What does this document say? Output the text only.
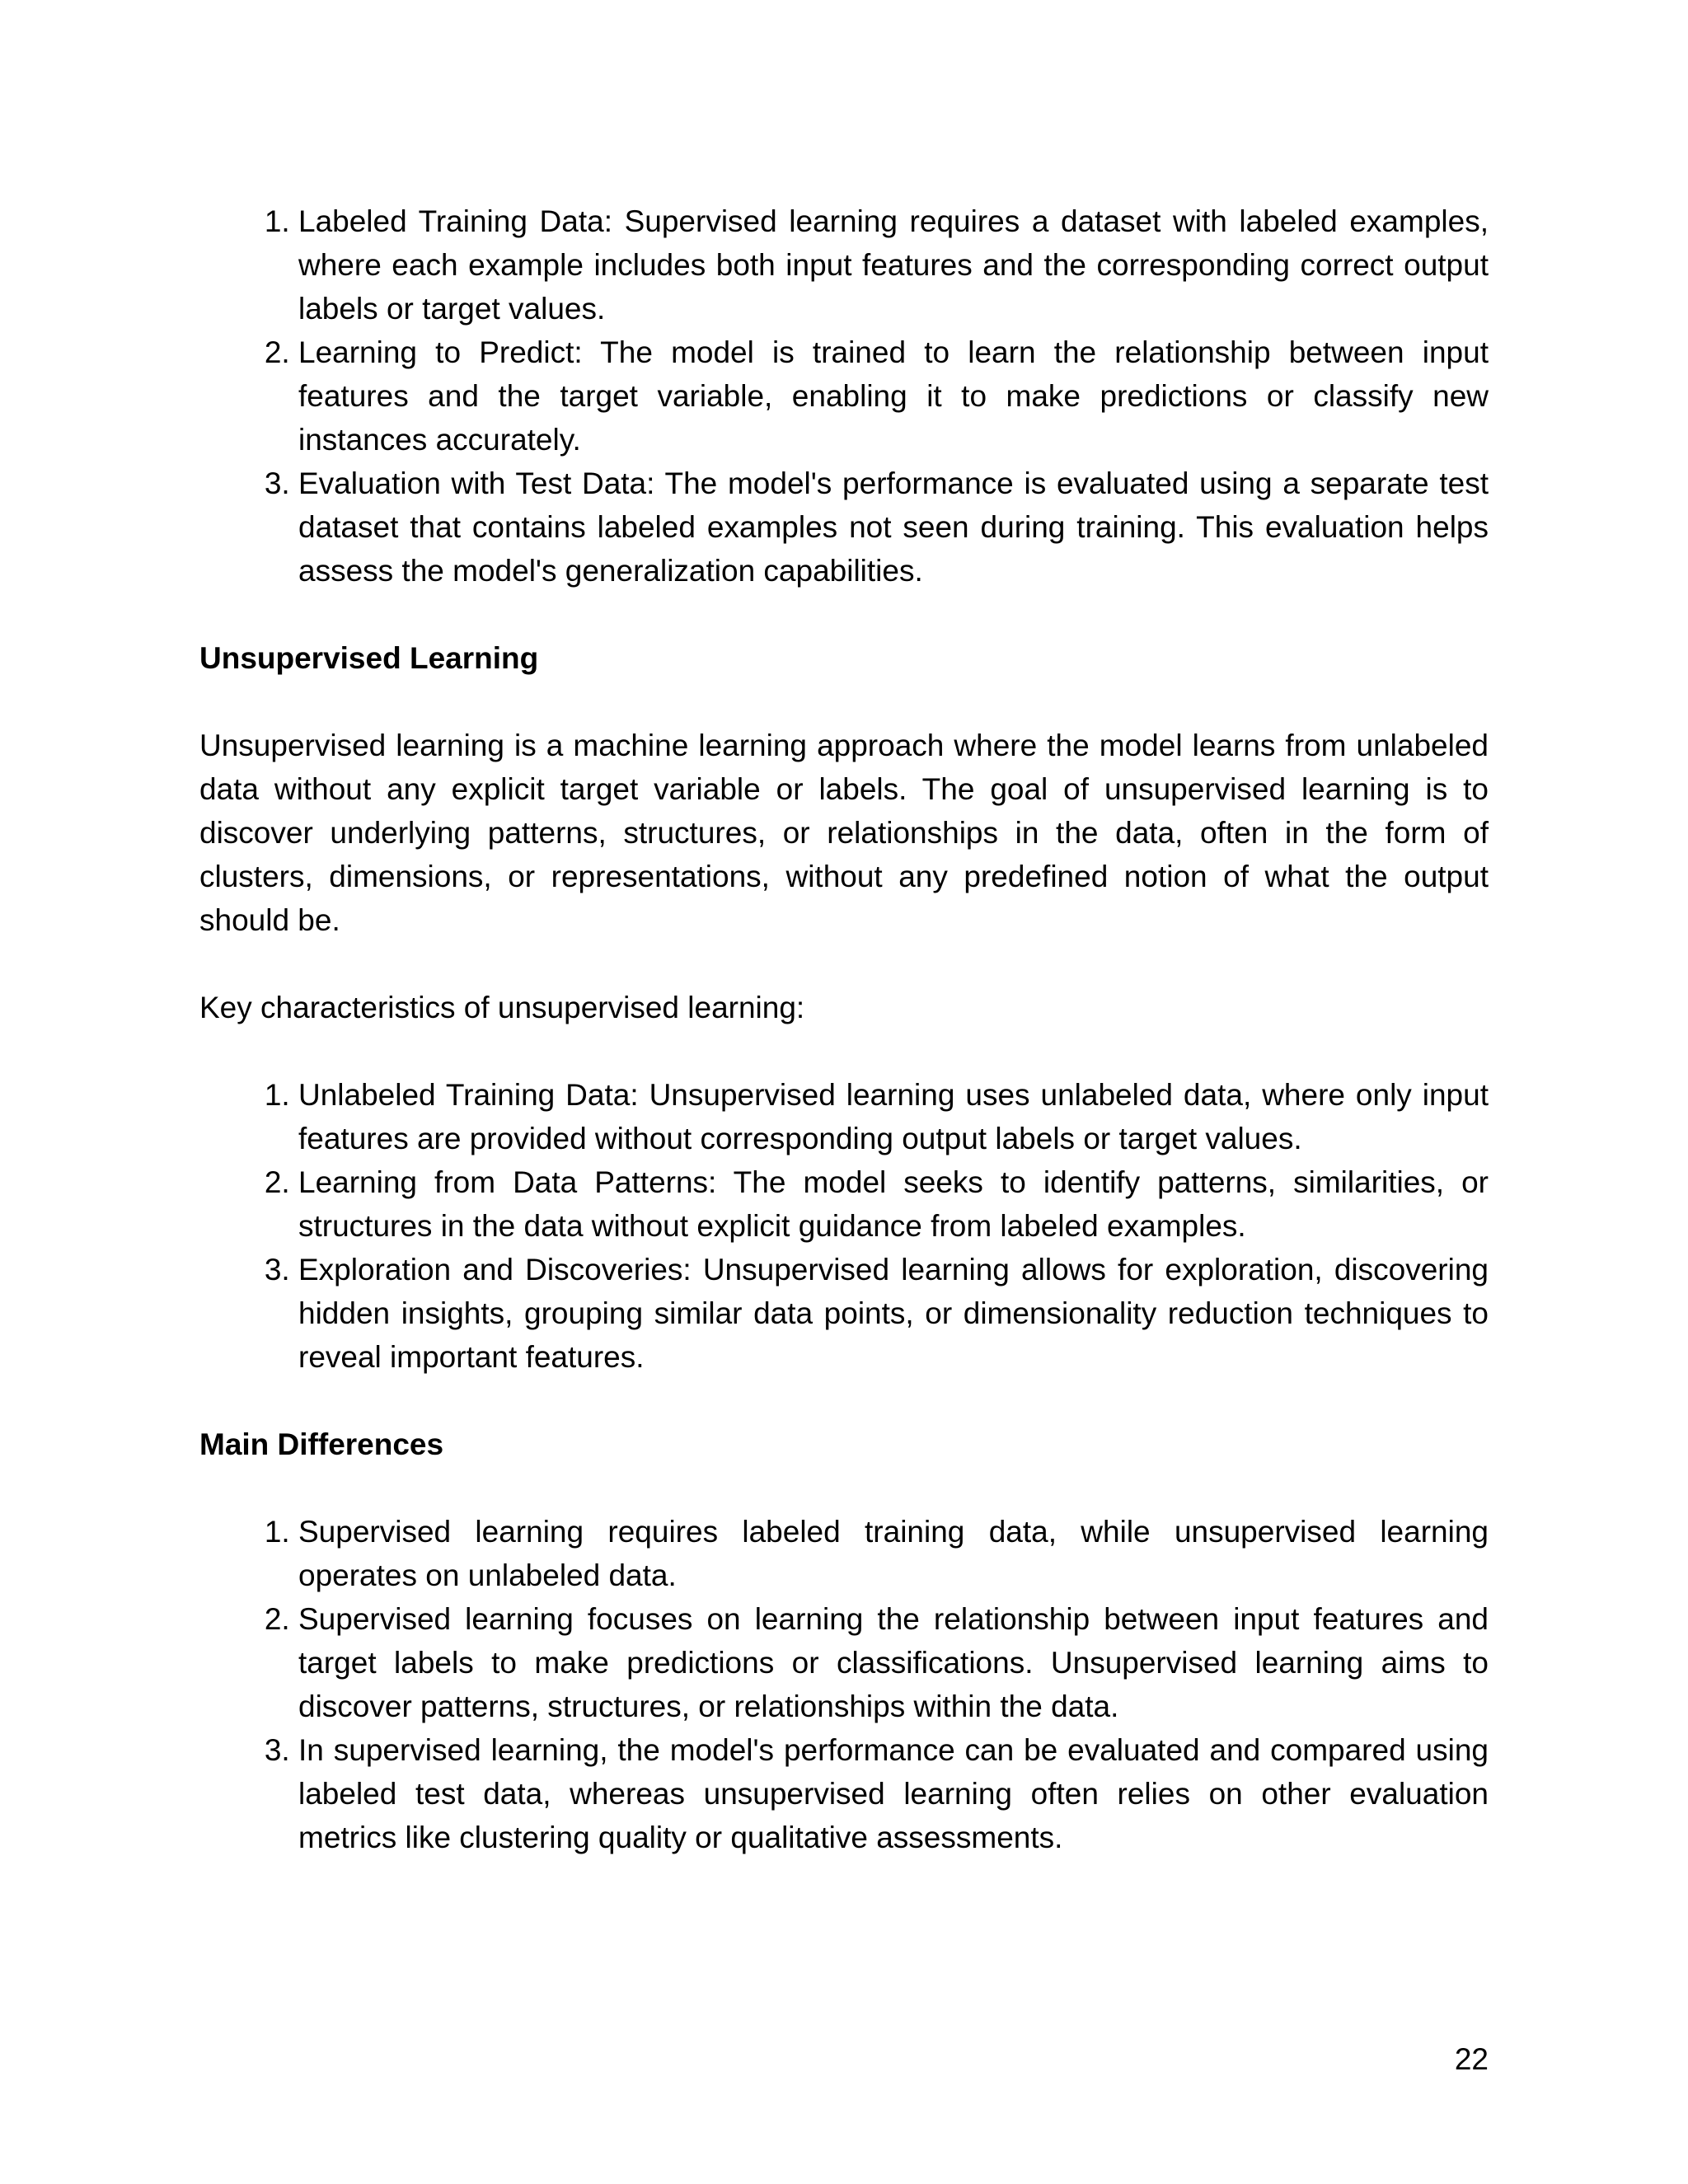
1. Labeled Training Data: Supervised learning requires a dataset with labeled examples, where each example includes both input features and the corresponding correct output labels or target values.
2. Learning to Predict: The model is trained to learn the relationship between input features and the target variable, enabling it to make predictions or classify new instances accurately.
3. Evaluation with Test Data: The model's performance is evaluated using a separate test dataset that contains labeled examples not seen during training. This evaluation helps assess the model's generalization capabilities.
Unsupervised Learning
Unsupervised learning is a machine learning approach where the model learns from unlabeled data without any explicit target variable or labels. The goal of unsupervised learning is to discover underlying patterns, structures, or relationships in the data, often in the form of clusters, dimensions, or representations, without any predefined notion of what the output should be.
Key characteristics of unsupervised learning:
1. Unlabeled Training Data: Unsupervised learning uses unlabeled data, where only input features are provided without corresponding output labels or target values.
2. Learning from Data Patterns: The model seeks to identify patterns, similarities, or structures in the data without explicit guidance from labeled examples.
3. Exploration and Discoveries: Unsupervised learning allows for exploration, discovering hidden insights, grouping similar data points, or dimensionality reduction techniques to reveal important features.
Main Differences
1. Supervised learning requires labeled training data, while unsupervised learning operates on unlabeled data.
2. Supervised learning focuses on learning the relationship between input features and target labels to make predictions or classifications. Unsupervised learning aims to discover patterns, structures, or relationships within the data.
3. In supervised learning, the model's performance can be evaluated and compared using labeled test data, whereas unsupervised learning often relies on other evaluation metrics like clustering quality or qualitative assessments.
22
